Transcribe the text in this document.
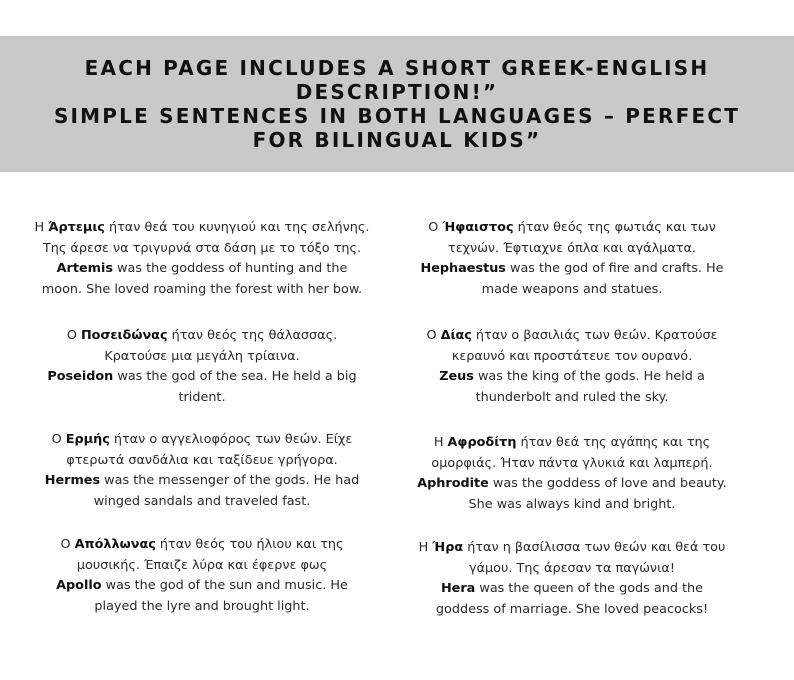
EACH PAGE INCLUDES A SHORT GREEK-ENGLISH
DESCRIPTION!”
SIMPLE SENTENCES IN BOTH LANGUAGES – PERFECT
FOR BILINGUAL KIDS”
Η Άρτεμις ήταν θεά του κυνηγιού και της σελήνης.
Της άρεσε να τριγυρνά στα δάση με το τόξο της.
Artemis was the goddess of hunting and the
moon. She loved roaming the forest with her bow.
Ο Ήφαιστος ήταν θεός της φωτιάς και των
τεχνών. Έφτιαχνε όπλα και αγάλματα.
Hephaestus was the god of fire and crafts. He
made weapons and statues.
Ο Ποσειδώνας ήταν θεός της θάλασσας.
Κρατούσε μια μεγάλη τρίαινα.
Poseidon was the god of the sea. He held a big
trident.
Ο Δίας ήταν ο βασιλιάς των θεών. Κρατούσε
κεραυνό και προστάτευε τον ουρανό.
Zeus was the king of the gods. He held a
thunderbolt and ruled the sky.
Ο Ερμής ήταν ο αγγελιοφόρος των θεών. Είχε
φτερωτά σανδάλια και ταξίδευε γρήγορα.
Hermes was the messenger of the gods. He had
winged sandals and traveled fast.
Η Αφροδίτη ήταν θεά της αγάπης και της
ομορφιάς. Ήταν πάντα γλυκιά και λαμπερή.
Aphrodite was the goddess of love and beauty.
She was always kind and bright.
Ο Απόλλωνας ήταν θεός του ήλιου και της
μουσικής. Έπαιζε λύρα και έφερνε φως
Apollo was the god of the sun and music. He
played the lyre and brought light.
Η Ήρα ήταν η βασίλισσα των θεών και θεά του
γάμου. Της άρεσαν τα παγώνια!
Hera was the queen of the gods and the
goddess of marriage. She loved peacocks!
